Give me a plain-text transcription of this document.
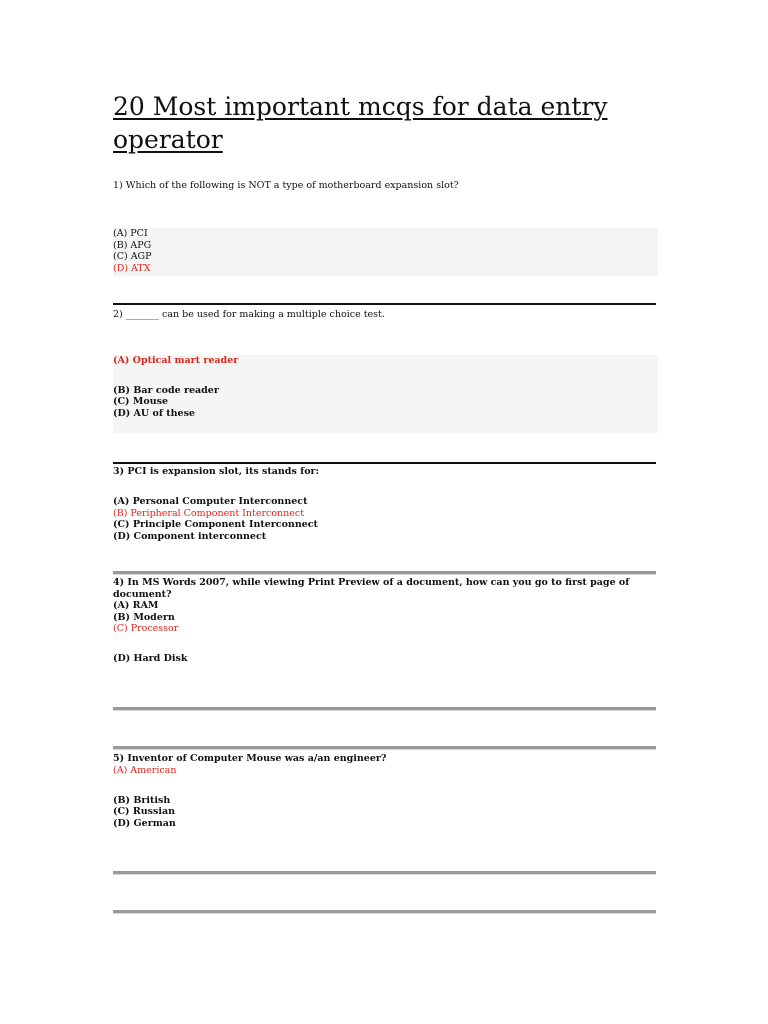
20 Most important mcqs for data entry operator

1) Which of the following is NOT a type of motherboard expansion slot?

(A) PCI
(B) APG
(C) AGP
(D) ATX

2) _______ can be used for making a multiple choice test.

(A) Optical mart reader
(B) Bar code reader
(C) Mouse
(D) AU of these

3) PCI is expansion slot, its stands for:

(A) Personal Computer Interconnect
(B) Peripheral Component Interconnect
(C) Principle Component Interconnect
(D) Component interconnect

4) In MS Words 2007, while viewing Print Preview of a document, how can you go to first page of document?

(A) RAM
(B) Modern
(C) Processor
(D) Hard Disk

5) Inventor of Computer Mouse was a/an engineer?

(A) American
(B) British
(C) Russian
(D) German
